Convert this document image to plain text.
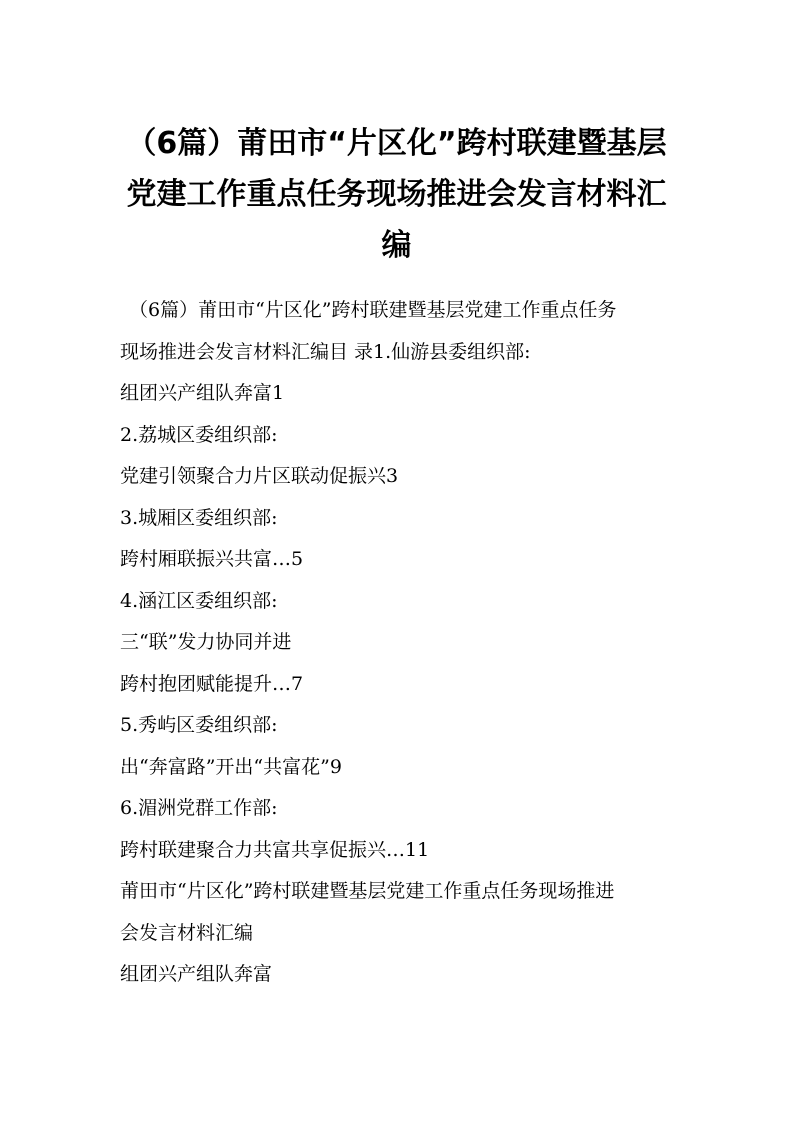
（6篇）莆田市“片区化”跨村联建暨基层
党建工作重点任务现场推进会发言材料汇
编
（6篇）莆田市“片区化”跨村联建暨基层党建工作重点任务
现场推进会发言材料汇编目 录1.仙游县委组织部:
组团兴产组队奔富1
2.荔城区委组织部:
党建引领聚合力片区联动促振兴3
3.城厢区委组织部:
跨村厢联振兴共富…5
4.涵江区委组织部:
三“联”发力协同并进
跨村抱团赋能提升…7
5.秀屿区委组织部:
出“奔富路”开出“共富花”9
6.湄洲党群工作部:
跨村联建聚合力共富共享促振兴…11
莆田市“片区化”跨村联建暨基层党建工作重点任务现场推进
会发言材料汇编
组团兴产组队奔富
